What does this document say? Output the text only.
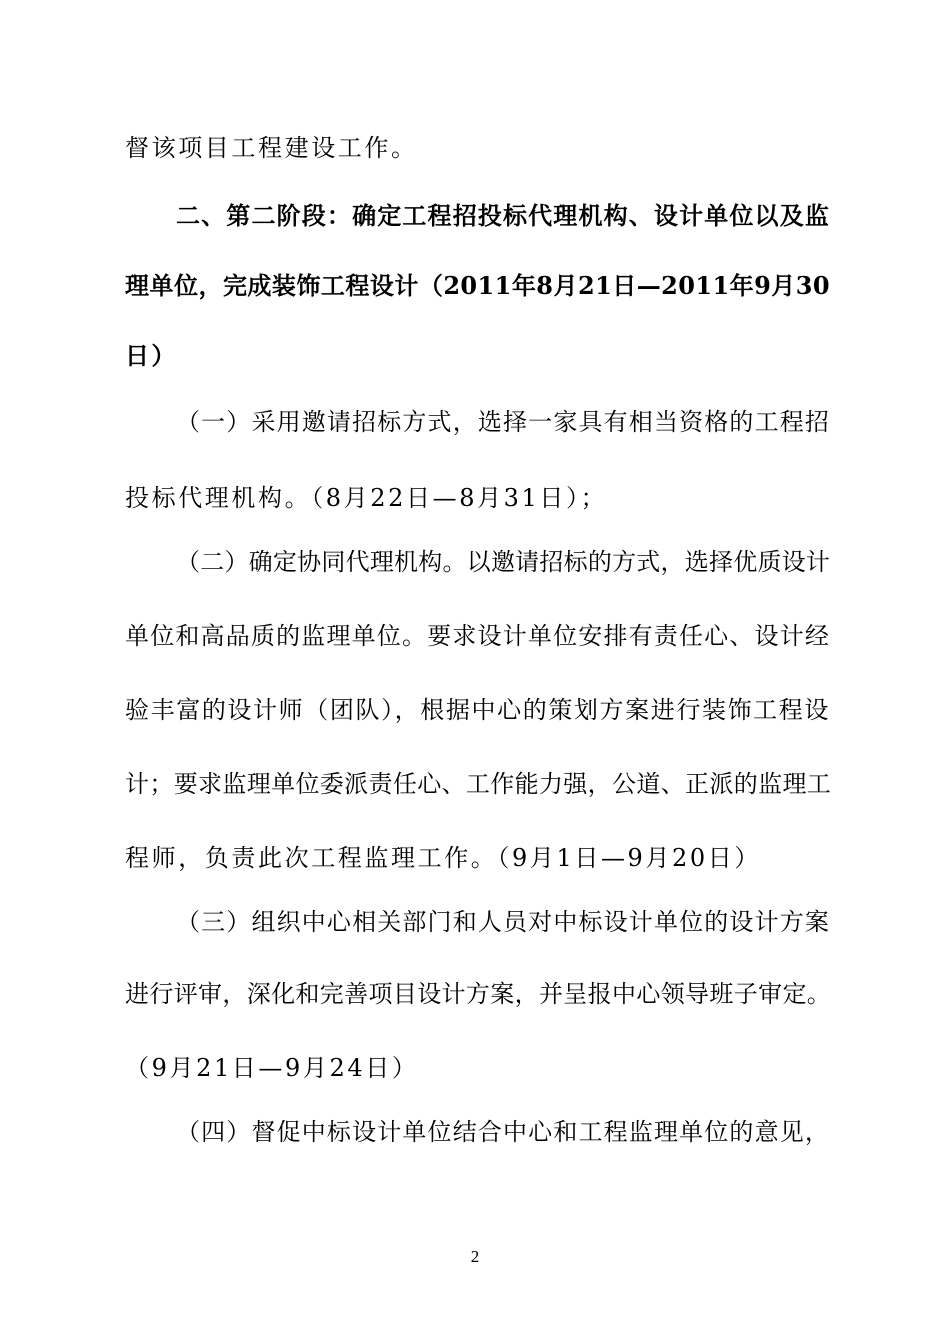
督该项目工程建设工作。
二、第二阶段：确定工程招投标代理机构、设计单位以及监
理单位，完成装饰工程设计（2011年8月21日—2011年9月30
日）
（一）采用邀请招标方式，选择一家具有相当资格的工程招
投标代理机构。（8月22日—8月31日）；
（二）确定协同代理机构。以邀请招标的方式，选择优质设计
单位和高品质的监理单位。要求设计单位安排有责任心、设计经
验丰富的设计师（团队），根据中心的策划方案进行装饰工程设
计；要求监理单位委派责任心、工作能力强，公道、正派的监理工
程师，负责此次工程监理工作。（9月1日—9月20日）
（三）组织中心相关部门和人员对中标设计单位的设计方案
进行评审，深化和完善项目设计方案，并呈报中心领导班子审定。
（9月21日—9月24日）
（四）督促中标设计单位结合中心和工程监理单位的意见，
2
